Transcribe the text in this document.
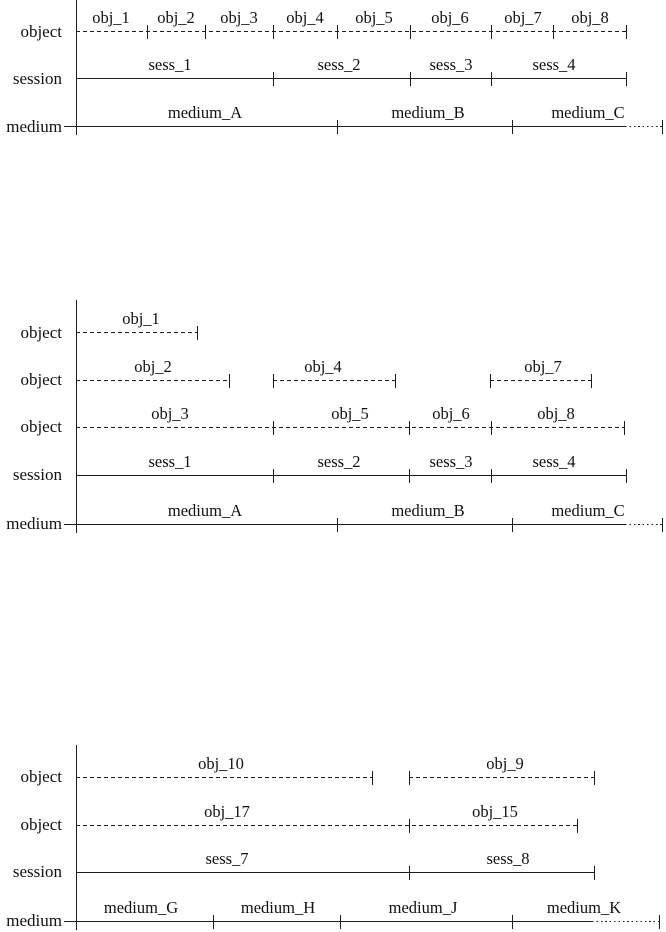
object
obj_1 obj_2 obj_3 obj_4 obj_5 obj_6 obj_7 obj_8
session
sess_1	sess_2	sess_3	sess_4
medium
medium_A	medium_B	medium_C
object
obj_1
object
obj_2	obj_4	obj_7
object
obj_3	obj_5	obj_6	obj_8
session
sess_1	sess_2	sess_3	sess_4
medium
medium_A	medium_B	medium_C
object
obj_10	obj_9
object
obj_17	obj_15
session
sess_7	sess_8
medium
medium_G	medium_H	medium_J	medium_K
